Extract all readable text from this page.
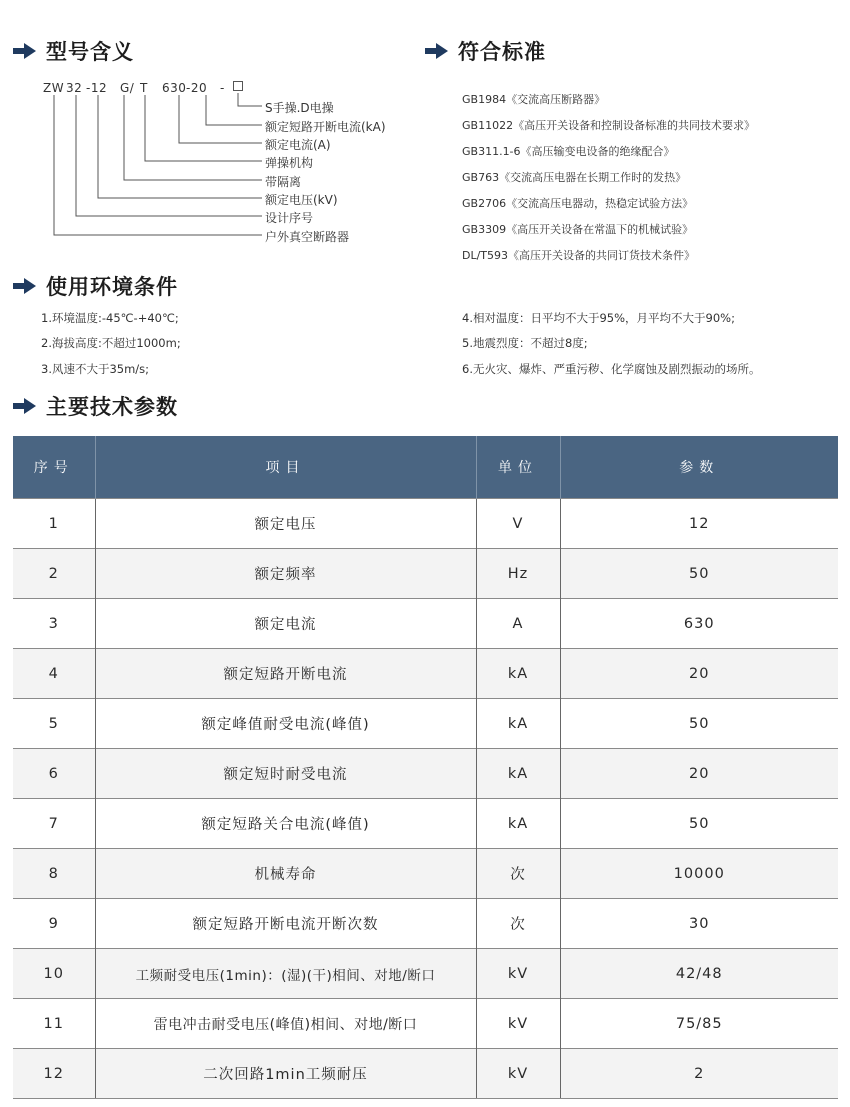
型号含义
ZW 32 -12 G/ T 630 -20 -
S手操.D电操
额定短路开断电流(kA)
额定电流(A)
弹操机构
带隔离
额定电压(kV)
设计序号
户外真空断路器
符合标准
GB1984《交流高压断路器》
GB11022《高压开关设备和控制设备标准的共同技术要求》
GB311.1-6《高压输变电设备的绝缘配合》
GB763《交流高压电器在长期工作时的发热》
GB2706《交流高压电器动，热稳定试验方法》
GB3309《高压开关设备在常温下的机械试验》
DL/T593《高压开关设备的共同订货技术条件》
使用环境条件
1.环境温度:-45℃-+40℃;
2.海拔高度:不超过1000m;
3.风速不大于35m/s;
4.相对温度：日平均不大于95%，月平均不大于90%;
5.地震烈度：不超过8度;
6.无火灾、爆炸、严重污秽、化学腐蚀及剧烈振动的场所。
主要技术参数
序号	项目	单位	参数
1	额定电压	V	12
2	额定频率	Hz	50
3	额定电流	A	630
4	额定短路开断电流	kA	20
5	额定峰值耐受电流(峰值)	kA	50
6	额定短时耐受电流	kA	20
7	额定短路关合电流(峰值)	kA	50
8	机械寿命	次	10000
9	额定短路开断电流开断次数	次	30
10	工频耐受电压(1min)：(湿)(干)相间、对地/断口	kV	42/48
11	雷电冲击耐受电压(峰值)相间、对地/断口	kV	75/85
12	二次回路1min工频耐压	kV	2
